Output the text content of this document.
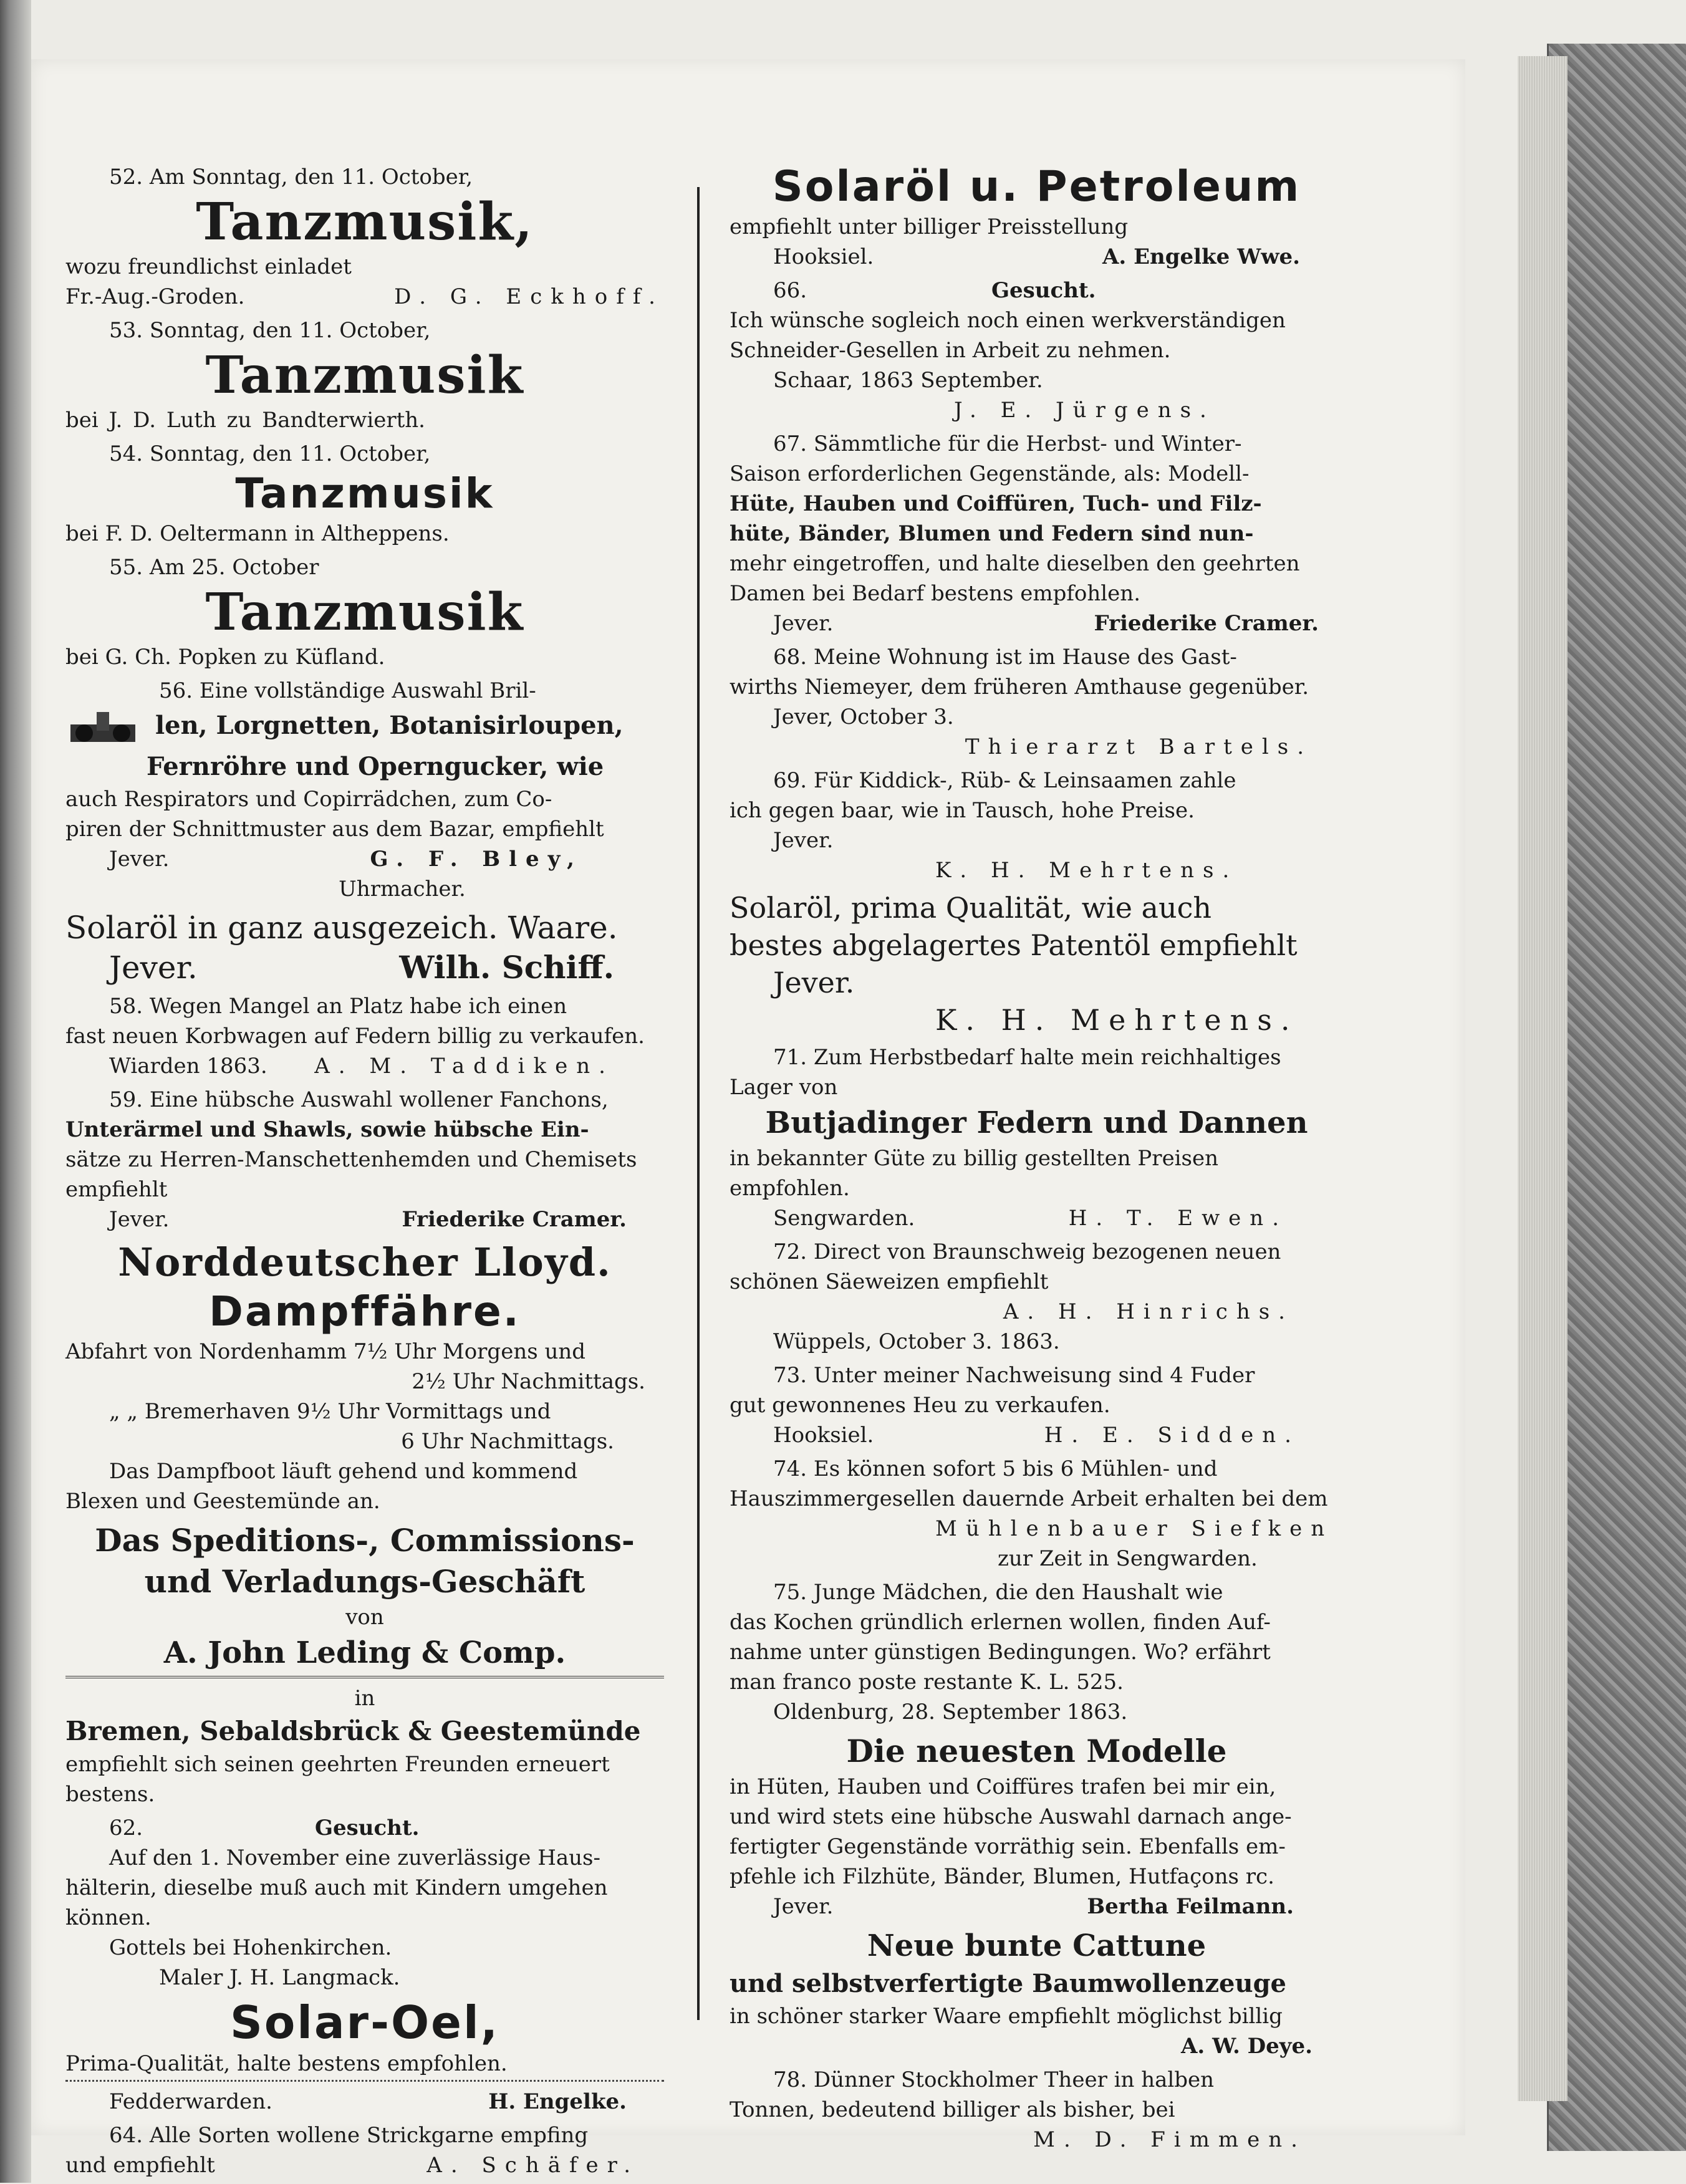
52. Am Sonntag, den 11. October,
Tanzmusik,
wozu freundlichst einladet
Fr.-Aug.-Groden.	D. G. Eckhoff.
53. Sonntag, den 11. October,
Tanzmusik
bei J. D. Luth zu Bandterwierth.
54. Sonntag, den 11. October,
Tanzmusik
bei F. D. Oeltermann in Altheppens.
55. Am 25. October
Tanzmusik
bei G. Ch. Popken zu Küfland.
56. Eine vollständige Auswahl Bril-
len, Lorgnetten, Botanisirloupen,
Fernröhre und Operngucker, wie
auch Respirators und Copirrädchen, zum Co-
piren der Schnittmuster aus dem Bazar, empfiehlt
Jever.	G. F. Bley,
Uhrmacher.
Solaröl in ganz ausgezeich. Waare.
Jever.	Wilh. Schiff.
58. Wegen Mangel an Platz habe ich einen
fast neuen Korbwagen auf Federn billig zu verkaufen.
Wiarden 1863. A. M. Taddiken.
59. Eine hübsche Auswahl wollener Fanchons,
Unterärmel und Shawls, sowie hübsche Ein-
sätze zu Herren-Manschettenhemden und Chemisets
empfiehlt
Jever.	Friederike Cramer.
Norddeutscher Lloyd.
Dampffähre.
Abfahrt von Nordenhamm 7½ Uhr Morgens und
2½ Uhr Nachmittags.
„ „ Bremerhaven 9½ Uhr Vormittags und
6 Uhr Nachmittags.
Das Dampfboot läuft gehend und kommend
Blexen und Geestemünde an.
Das Speditions-, Commissions-
und Verladungs-Geschäft
von
A. John Leding & Comp.
in
Bremen, Sebaldsbrück & Geestemünde
empfiehlt sich seinen geehrten Freunden erneuert
bestens.
62.	Gesucht.
Auf den 1. November eine zuverlässige Haus-
hälterin, dieselbe muß auch mit Kindern umgehen
können.
Gottels bei Hohenkirchen.
Maler J. H. Langmack.
Solar-Oel,
Prima-Qualität, halte bestens empfohlen.
Fedderwarden.	H. Engelke.
64. Alle Sorten wollene Strickgarne empfing
und empfiehlt	A. Schäfer.
Solaröl u. Petroleum
empfiehlt unter billiger Preisstellung
Hooksiel.	A. Engelke Wwe.
66.	Gesucht.
Ich wünsche sogleich noch einen werkverständigen
Schneider-Gesellen in Arbeit zu nehmen.
Schaar, 1863 September.
J. E. Jürgens.
67. Sämmtliche für die Herbst- und Winter-
Saison erforderlichen Gegenstände, als: Modell-
Hüte, Hauben und Coiffüren, Tuch- und Filz-
hüte, Bänder, Blumen und Federn sind nun-
mehr eingetroffen, und halte dieselben den geehrten
Damen bei Bedarf bestens empfohlen.
Jever.	Friederike Cramer.
68. Meine Wohnung ist im Hause des Gast-
wirths Niemeyer, dem früheren Amthause gegenüber.
Jever, October 3.
Thierarzt Bartels.
69. Für Kiddick-, Rüb- & Leinsaamen zahle
ich gegen baar, wie in Tausch, hohe Preise.
Jever.
K. H. Mehrtens.
Solaröl, prima Qualität, wie auch
bestes abgelagertes Patentöl empfiehlt
Jever.
K. H. Mehrtens.
71. Zum Herbstbedarf halte mein reichhaltiges
Lager von
Butjadinger Federn und Dannen
in bekannter Güte zu billig gestellten Preisen empfohlen.
Sengwarden.	H. T. Ewen.
72. Direct von Braunschweig bezogenen neuen
schönen Säeweizen empfiehlt
A. H. Hinrichs.
Wüppels, October 3. 1863.
73. Unter meiner Nachweisung sind 4 Fuder
gut gewonnenes Heu zu verkaufen.
Hooksiel.	H. E. Sidden.
74. Es können sofort 5 bis 6 Mühlen- und
Hauszimmergesellen dauernde Arbeit erhalten bei dem
Mühlenbauer Siefken
zur Zeit in Sengwarden.
75. Junge Mädchen, die den Haushalt wie
das Kochen gründlich erlernen wollen, finden Auf-
nahme unter günstigen Bedingungen. Wo? erfährt
man franco poste restante K. L. 525.
Oldenburg, 28. September 1863.
Die neuesten Modelle
in Hüten, Hauben und Coiffüres trafen bei mir ein,
und wird stets eine hübsche Auswahl darnach ange-
fertigter Gegenstände vorräthig sein. Ebenfalls em-
pfehle ich Filzhüte, Bänder, Blumen, Hutfaçons rc.
Jever.	Bertha Feilmann.
Neue bunte Cattune
und selbstverfertigte Baumwollenzeuge
in schöner starker Waare empfiehlt möglichst billig
A. W. Deye.
78. Dünner Stockholmer Theer in halben
Tonnen, bedeutend billiger als bisher, bei
M. D. Fimmen.
